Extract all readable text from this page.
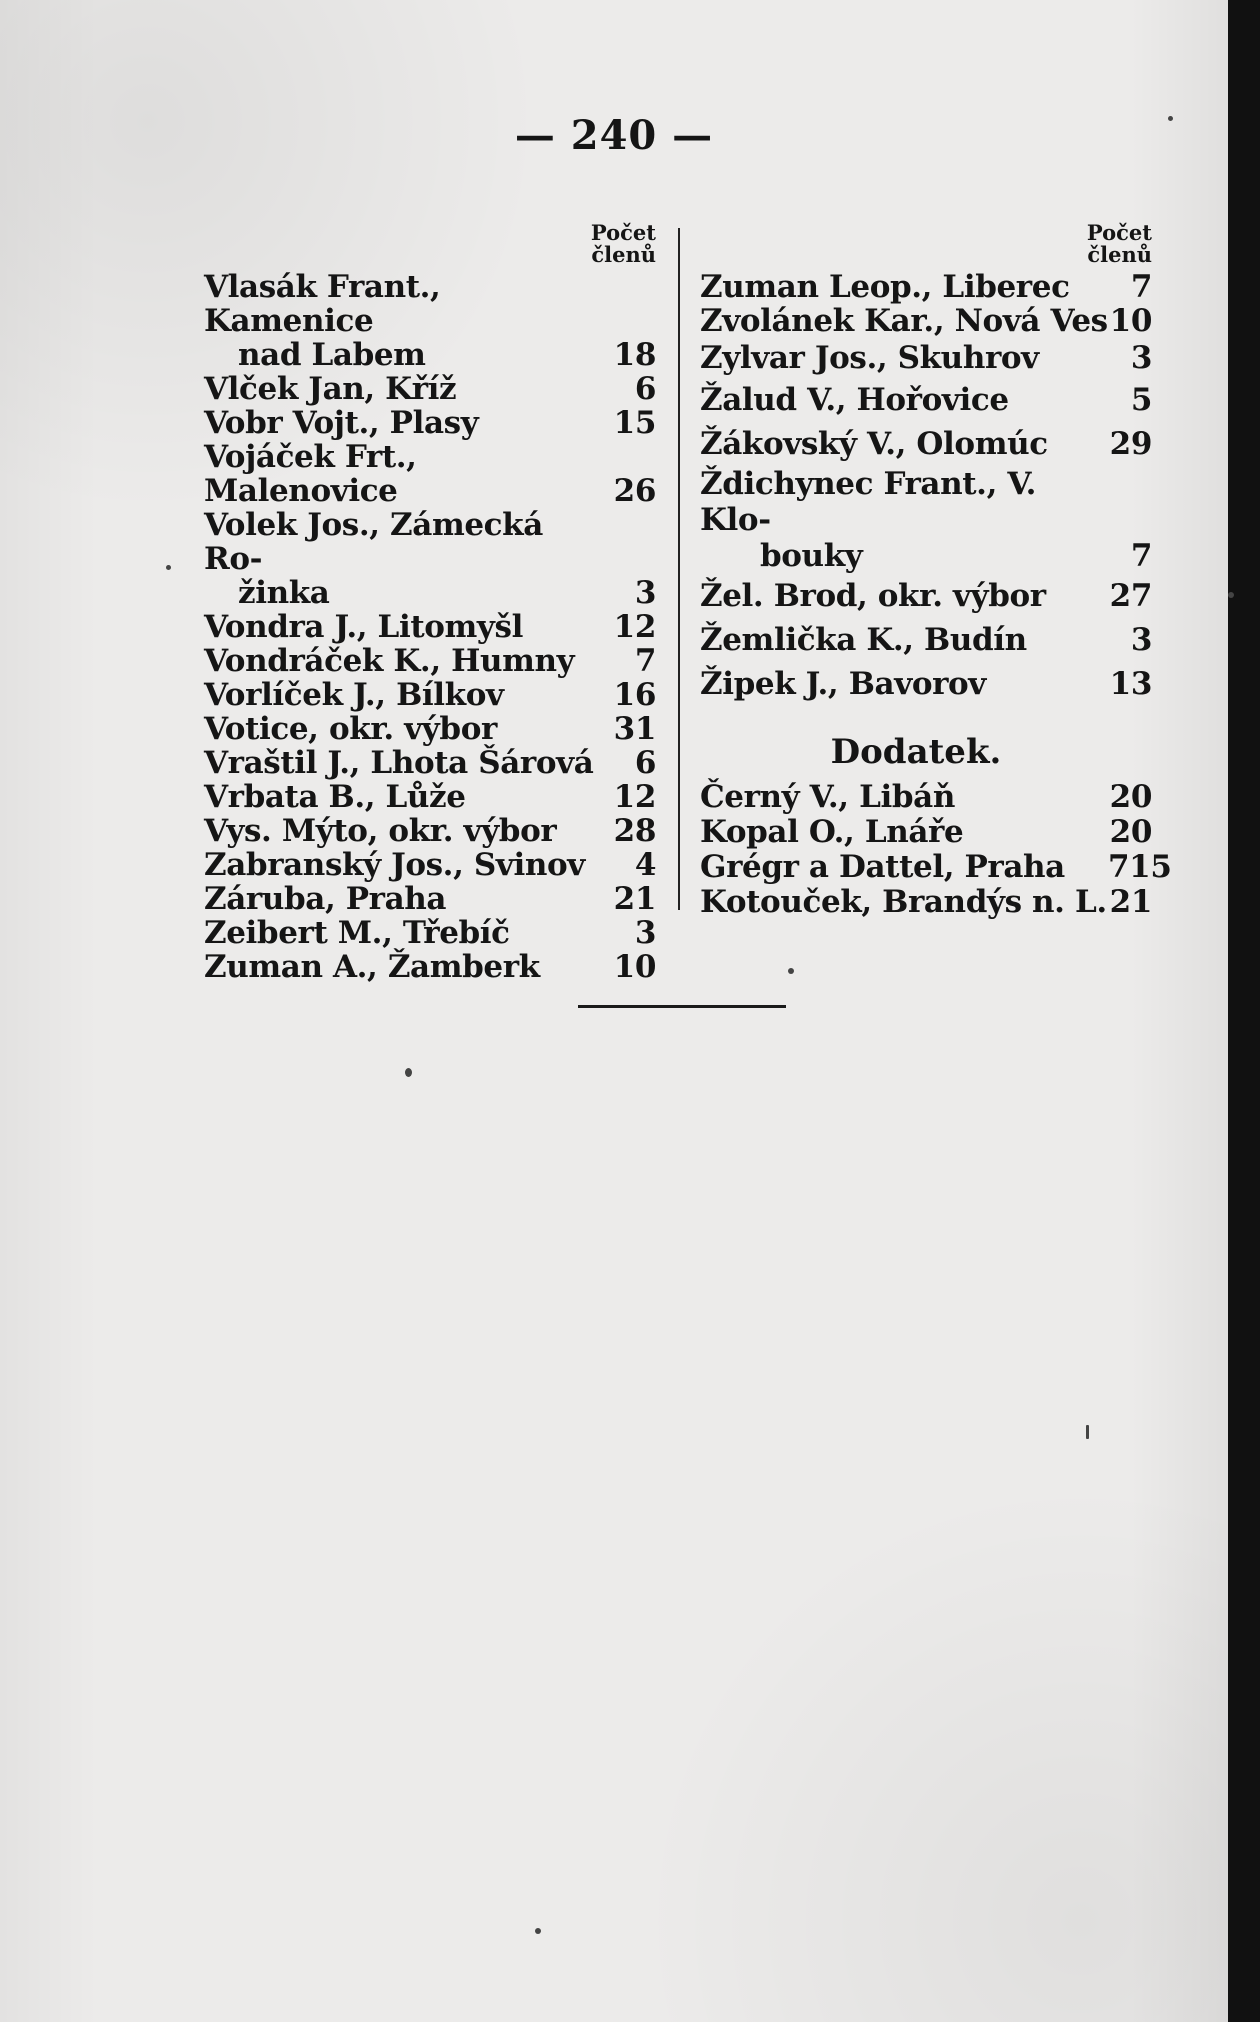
— 240 —
Počet
členů
Vlasák Frant., Kamenice
nad Labem	18
Vlček Jan, Kříž	6
Vobr Vojt., Plasy	15
Vojáček Frt., Malenovice	26
Volek Jos., Zámecká Ro-
žinka	3
Vondra J., Litomyšl	12
Vondráček K., Humny	7
Vorlíček J., Bílkov	16
Votice, okr. výbor	31
Vraštil J., Lhota Šárová	6
Vrbata B., Lůže	12
Vys. Mýto, okr. výbor	28
Zabranský Jos., Svinov	4
Záruba, Praha	21
Zeibert M., Třebíč	3
Zuman A., Žamberk	10
Počet
členů
Zuman Leop., Liberec	7
Zvolánek Kar., Nová Ves 10
Zylvar Jos., Skuhrov	3
Žalud V., Hořovice	5
Žákovský V., Olomúc	29
Ždichynec Frant., V. Klo-
bouky	7
Žel. Brod, okr. výbor	27
Žemlička K., Budín	3
Žipek J., Bavorov	13
Dodatek.
Černý V., Libáň	20
Kopal O., Lnáře	20
Grégr a Dattel, Praha	715
Kotouček, Brandýs n. L. 21
